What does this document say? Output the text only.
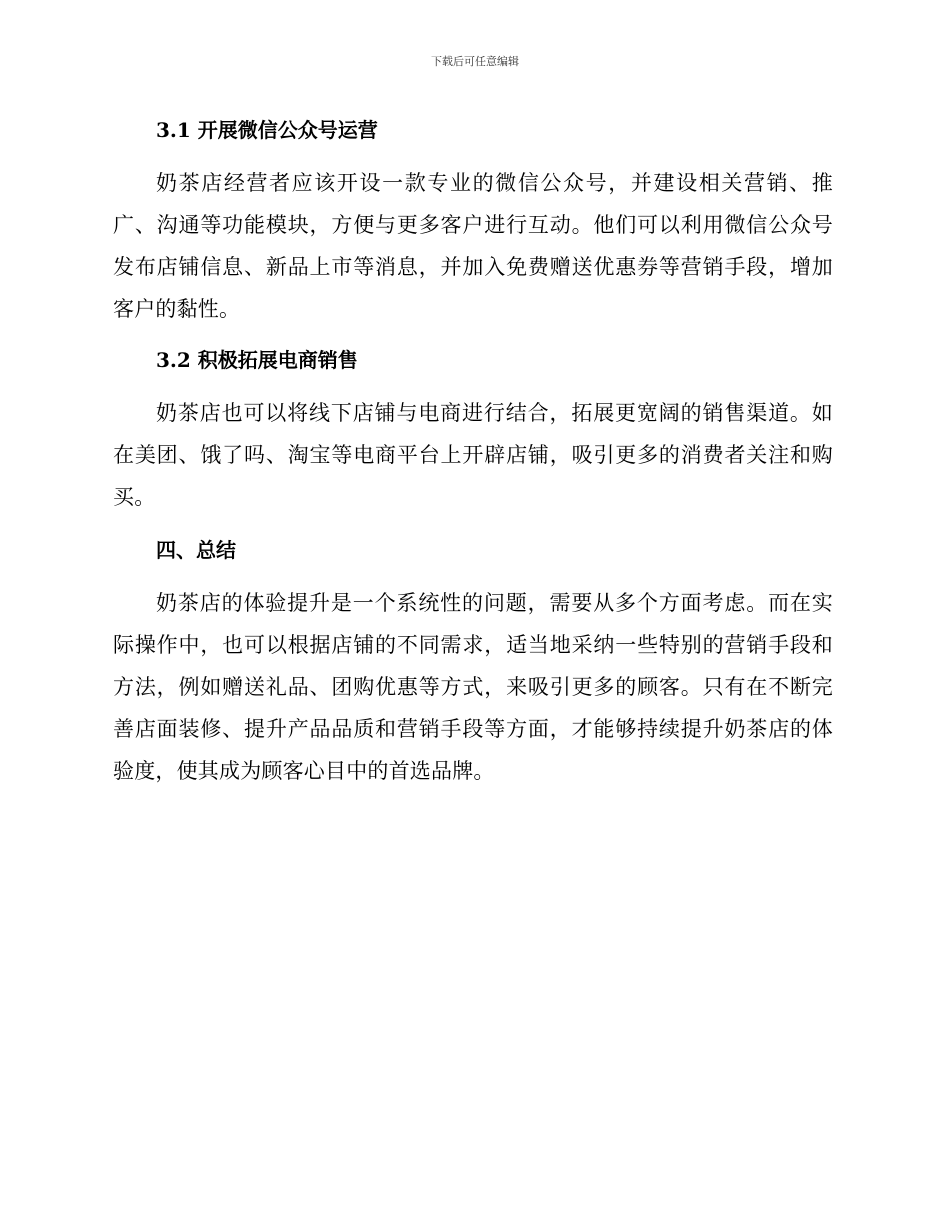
下载后可任意编辑
3.1 开展微信公众号运营

奶茶店经营者应该开设一款专业的微信公众号，并建设相关营销、推广、沟通等功能模块，方便与更多客户进行互动。他们可以利用微信公众号发布店铺信息、新品上市等消息，并加入免费赠送优惠券等营销手段，增加客户的黏性。

3.2 积极拓展电商销售

奶茶店也可以将线下店铺与电商进行结合，拓展更宽阔的销售渠道。如在美团、饿了吗、淘宝等电商平台上开辟店铺，吸引更多的消费者关注和购买。

四、总结

奶茶店的体验提升是一个系统性的问题，需要从多个方面考虑。而在实际操作中，也可以根据店铺的不同需求，适当地采纳一些特别的营销手段和方法，例如赠送礼品、团购优惠等方式，来吸引更多的顾客。只有在不断完善店面装修、提升产品品质和营销手段等方面，才能够持续提升奶茶店的体验度，使其成为顾客心目中的首选品牌。
